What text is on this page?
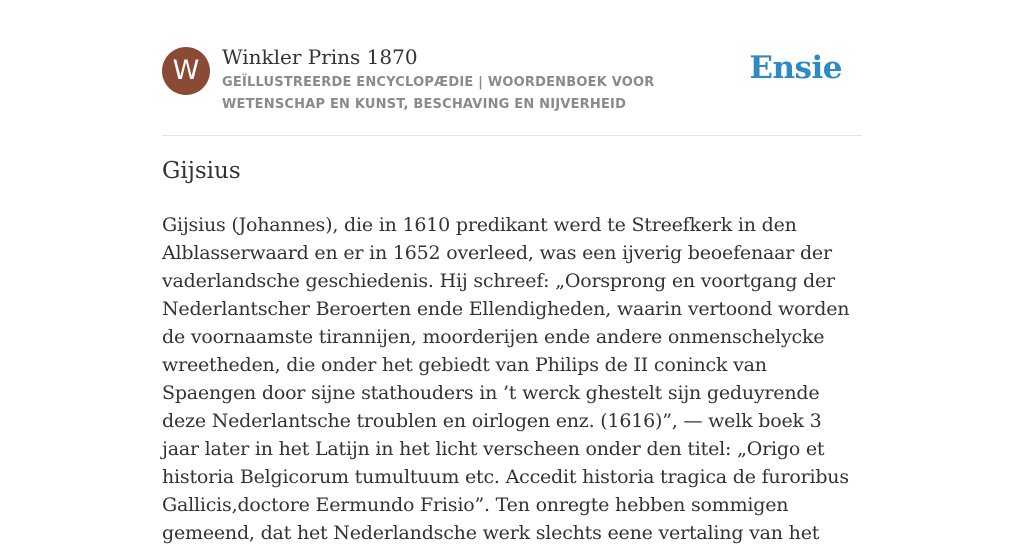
W	Winkler Prins 1870
GEÏLLUSTREERDE ENCYCLOPÆDIE | WOORDENBOEK VOOR WETENSCHAP EN KUNST, BESCHAVING EN NIJVERHEID
Ensie
Gijsius

Gijsius (Johannes), die in 1610 predikant werd te Streefkerk in den Alblasserwaard en er in 1652 overleed, was een ijverig beoefenaar der vaderlandsche geschiedenis. Hij schreef: „Oorsprong en voortgang der Nederlantscher Beroerten ende Ellendigheden, waarin vertoond worden de voornaamste tirannijen, moorderijen ende andere onmenschelycke wreetheden, die onder het gebiedt van Philips de II coninck van Spaengen door sijne stathouders in ’t werck ghestelt sijn geduyrende deze Nederlantsche troublen en oirlogen enz. (1616)”, — welk boek 3 jaar later in het Latijn in het licht verscheen onder den titel: „Origo et historia Belgicorum tumultuum etc. Accedit historia tragica de furoribus Gallicis,doctore Eermundo Frisio”. Ten onregte hebben sommigen gemeend, dat het Nederlandsche werk slechts eene vertaling van het
